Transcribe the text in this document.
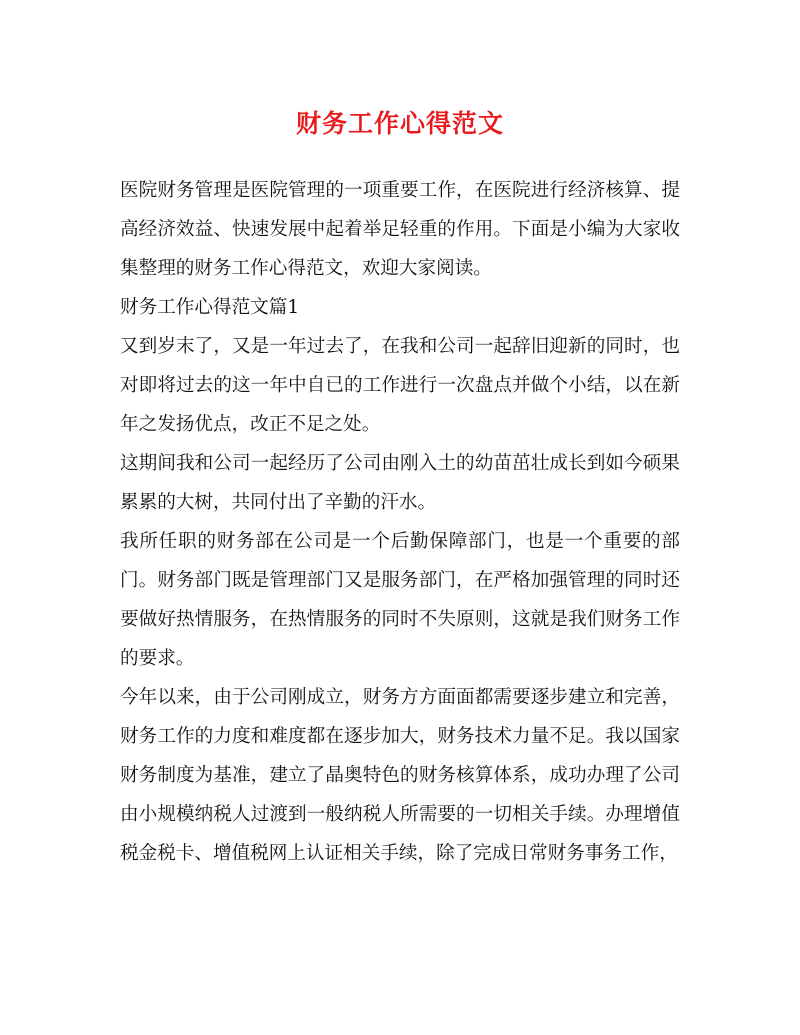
财务工作心得范文

医院财务管理是医院管理的一项重要工作，在医院进行经济核算、提高经济效益、快速发展中起着举足轻重的作用。下面是小编为大家收集整理的财务工作心得范文，欢迎大家阅读。

财务工作心得范文篇1

又到岁末了，又是一年过去了，在我和公司一起辞旧迎新的同时，也对即将过去的这一年中自已的工作进行一次盘点并做个小结，以在新年之发扬优点，改正不足之处。

这期间我和公司一起经历了公司由刚入土的幼苗茁壮成长到如今硕果累累的大树，共同付出了辛勤的汗水。

我所任职的财务部在公司是一个后勤保障部门，也是一个重要的部门。财务部门既是管理部门又是服务部门，在严格加强管理的同时还要做好热情服务，在热情服务的同时不失原则，这就是我们财务工作的要求。

今年以来，由于公司刚成立，财务方方面面都需要逐步建立和完善，财务工作的力度和难度都在逐步加大，财务技术力量不足。我以国家财务制度为基准，建立了晶奥特色的财务核算体系，成功办理了公司由小规模纳税人过渡到一般纳税人所需要的一切相关手续。办理增值税金税卡、增值税网上认证相关手续，除了完成日常财务事务工作，
